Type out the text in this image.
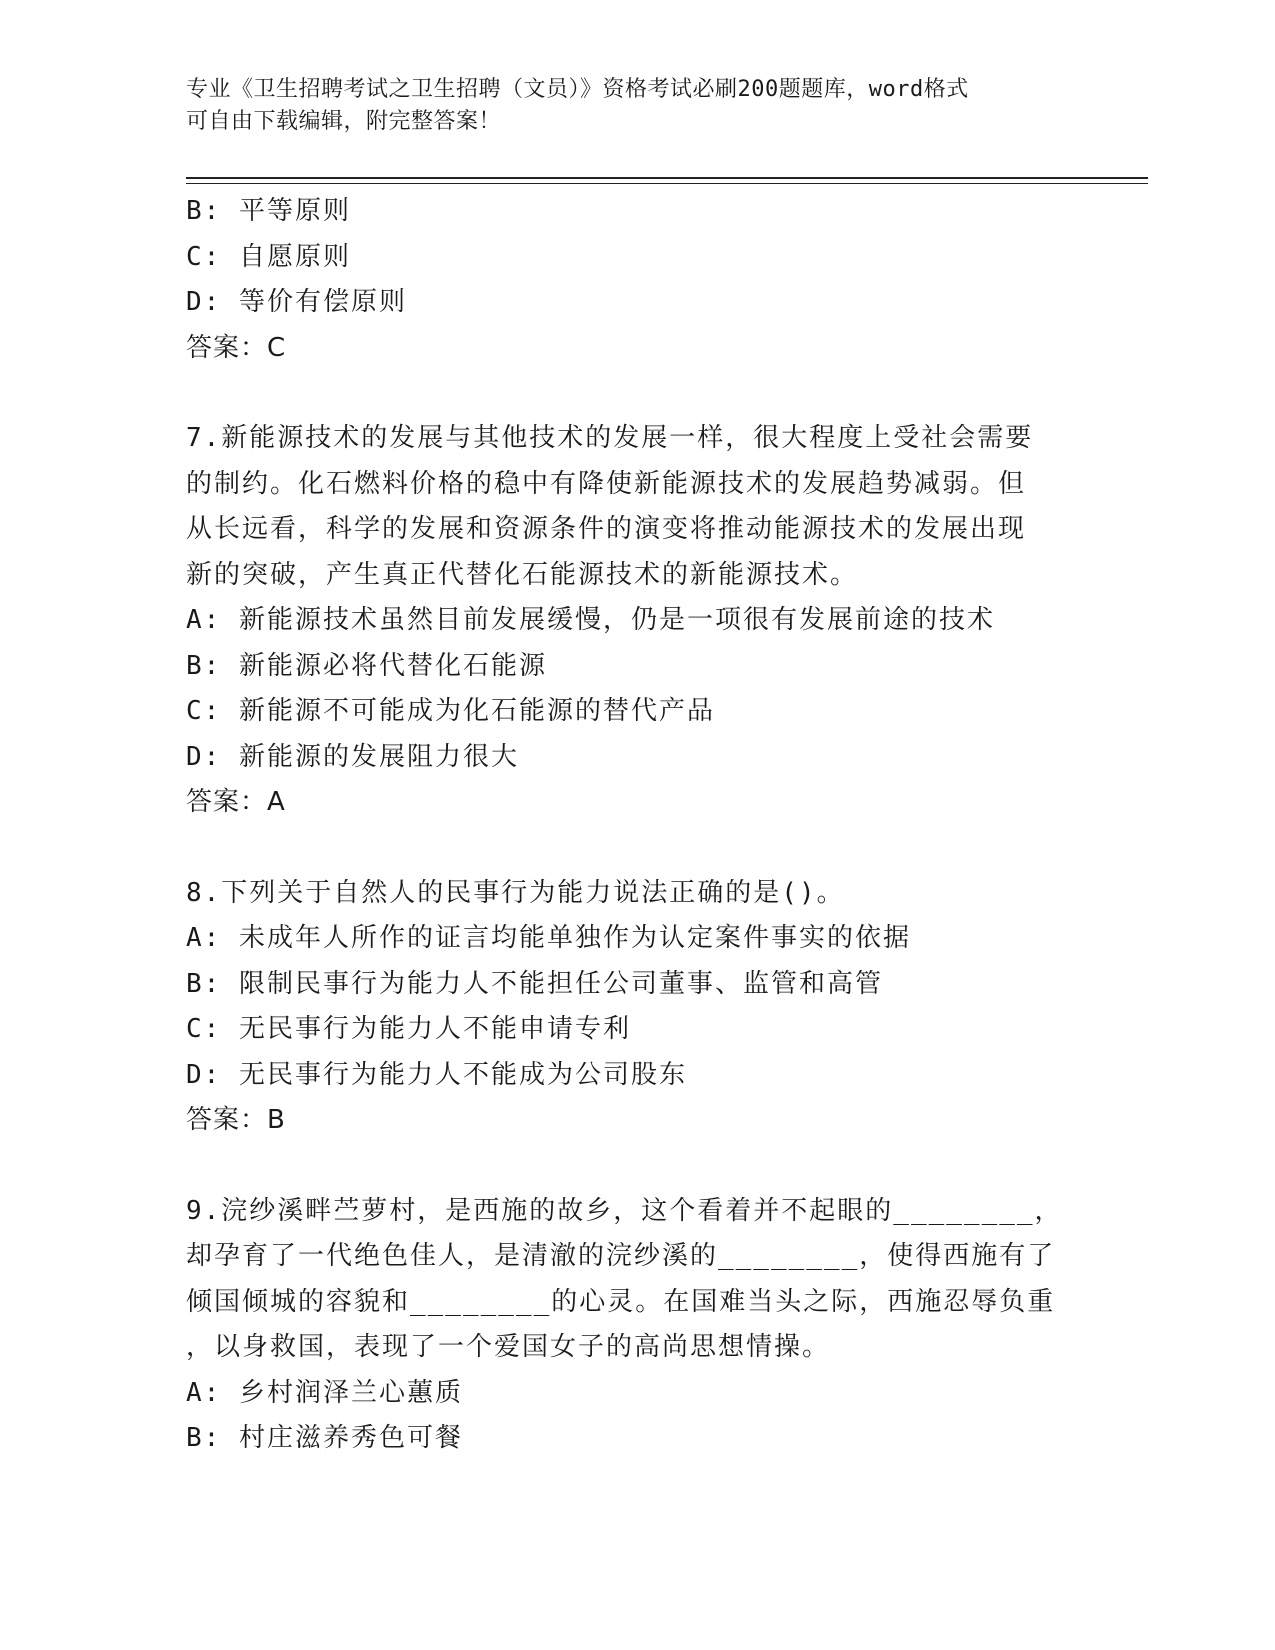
专业《卫生招聘考试之卫生招聘（文员）》资格考试必刷200题题库，word格式
可自由下载编辑，附完整答案！
B: 平等原则
C: 自愿原则
D: 等价有偿原则
答案：C
7.新能源技术的发展与其他技术的发展一样，很大程度上受社会需要
的制约。化石燃料价格的稳中有降使新能源技术的发展趋势减弱。但
从长远看，科学的发展和资源条件的演变将推动能源技术的发展出现
新的突破，产生真正代替化石能源技术的新能源技术。
A: 新能源技术虽然目前发展缓慢，仍是一项很有发展前途的技术
B: 新能源必将代替化石能源
C: 新能源不可能成为化石能源的替代产品
D: 新能源的发展阻力很大
答案：A
8.下列关于自然人的民事行为能力说法正确的是()。
A: 未成年人所作的证言均能单独作为认定案件事实的依据
B: 限制民事行为能力人不能担任公司董事、监管和高管
C: 无民事行为能力人不能申请专利
D: 无民事行为能力人不能成为公司股东
答案：B
9.浣纱溪畔苎萝村，是西施的故乡，这个看着并不起眼的________，
却孕育了一代绝色佳人，是清澈的浣纱溪的________，使得西施有了
倾国倾城的容貌和________的心灵。在国难当头之际，西施忍辱负重
，以身救国，表现了一个爱国女子的高尚思想情操。
A: 乡村润泽兰心蕙质
B: 村庄滋养秀色可餐
